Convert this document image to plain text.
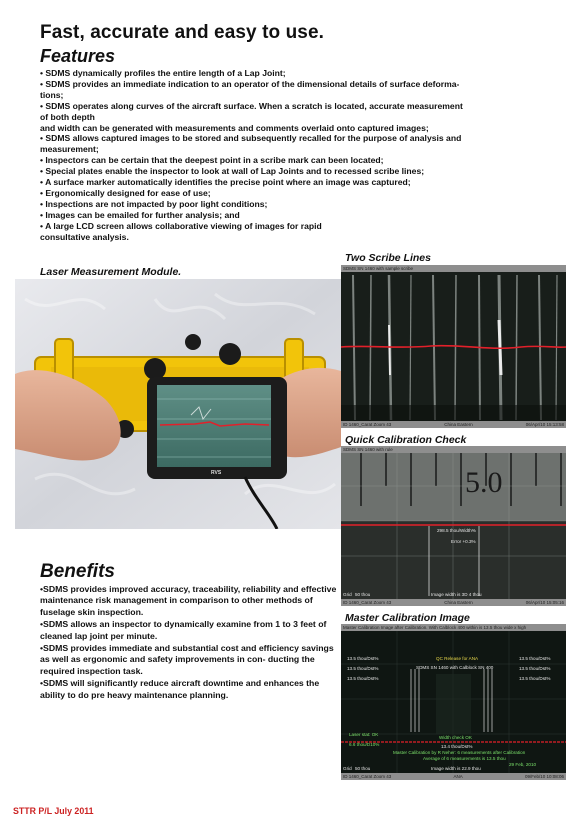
Fast, accurate and easy to use.
Features
• SDMS dynamically profiles the entire length of a Lap Joint;
• SDMS provides an immediate indication to an operator of the dimensional details of surface deforma-
tions;
• SDMS operates along curves of the aircraft surface. When a scratch is located, accurate measurement
of both depth
and width can be generated with measurements and comments overlaid onto captured images;
• SDMS allows captured images to be stored and subsequently recalled for the purpose of analysis and
measurement;
• Inspectors can be certain that the deepest point in a scribe mark can been located;
• Special plates enable the inspector to look at wall of Lap Joints and to recessed scribe lines;
• A surface marker automatically identifies the precise point where an image was captured;
• Ergonomically designed for ease of use;
• Inspections are not impacted by poor light conditions;
• Images can be emailed for further analysis; and
• A large LCD screen allows collaborative viewing of images for rapid
consultative analysis.
Laser Measurement Module.
Two Scribe Lines
Quick Calibration Check
Master Calibration Image
RVS
SDMS SN 1460 with sample scribe
ID 1460_Carat Zoom 43	China Eastern	06/Apr/10 15:13:58
SDMS SN 1460 with rule
5.0
298.5 thou/Width%
Error +0.3%
Grid 50 thou	Image width is 3D 4 thou
ID 1460_Carat Zoom 43	China Eastern	06/Apr/10 15:05:16
Master Calibration Image after Calibration. With Calblock 400 within is 13.5 thou wide x high
13.5 thou/Dst%
13.5 thou/Dst%
13.5 thou/Dst%
13.5 thou/Dst%
13.5 thou/Dst%
13.5 thou/Dst%
QC Release for ANA
SDMS SN 1460 with Calblock SN 400
Laser stat: OK
6.6 thou/D10%
Width check OK
13.4 thou/Dst%
Master Calibration by R Neher: 6 measurements after Calibration
Average of 6 measurements is 13.5 thou
29 Feb, 2010
Grid 50 thou	Image width is 22.9 thou
ID 1460_Carat Zoom 43	ANA	09/Feb/10 10:08:06
Benefits
•SDMS provides improved accuracy, traceability, reliability and effective maintenance risk management in comparison to other methods of fuselage skin inspection.
•SDMS allows an inspector to dynamically examine from 1 to 3 feet of cleaned lap joint per minute.
•SDMS provides immediate and substantial cost and efficiency savings as well as ergonomic and safety improvements in con- ducting the required inspection task.
•SDMS will significantly reduce aircraft downtime and enhances the ability to do pre heavy maintenance planning.
STTR P/L July 2011
